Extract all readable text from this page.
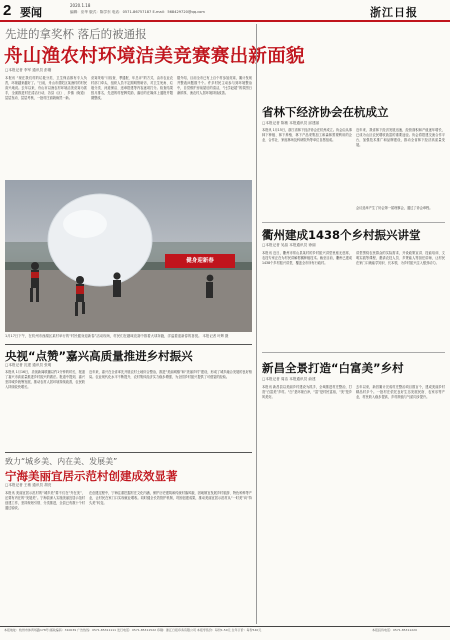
2 要闻
2020.1.18
编辑：应华 版式：陈学东 电话：0571-86757187 E-mail：568429720@qq.com	浙江日报
先进的拿奖杯 落后的被通报
舟山渔农村环境洁美竞赛赛出新面貌
□本报记者 李军 通讯员 彭刚
本报讯 “现在我们村的垃圾分类、卫生保洁都有专人负责，环境越来越好了。”日前，舟山市普陀区某渔村的村民高兴地说。去年以来，舟山市以渔农村环境洁美竞赛为抓手，全面推进村庄清洁行动，各县（区）、乡镇（街道）层层发动、层层考核，一批村庄面貌焕然一新。
竞赛采取“月检查、季通报、年总评”的方式，由市农业农村部门牵头，组织人员不定期明察暗访，对卫生死角、垃圾分类、河道保洁、违章搭建等内容逐项打分。检查结果按月排名，先进的村授牌奖励，落后的在媒体上通报并限期整改。
据介绍，目前全市已有上百个村参加竞赛，累计发现并整改问题数千个。许多村民主动参与到环境整治中，自觉维护房前屋后的清洁，“比学赶超”的氛围日渐浓厚，渔农村人居环境持续改善。
健身迎新春
1月17日下午，在杭州市西湖区某村举行的“村民健身迎新春”活动现场，村民们在趣味竞赛中推着大球奔跑，洋溢着迎新春的喜悦。 本报记者 叶辉 摄
省林下经济协会在杭成立
□本报记者 陈敏 本报通讯员 邱建丽
本报讯 1月15日，浙江省林下经济协会在杭州成立。协会由从事林下种植、林下养殖、林下产品采集加工和森林景观利用的企业、合作社、家庭林场及科研院所等单位自愿组成。
近年来，我省林下经济发展迅速，经营面积和产值逐年增长，已成为山区农民增收致富的重要途径。协会将搭建交流合作平台，加强技术推广和品牌建设，推动全省林下经济高质量发展。
会议选举产生了协会第一届理事会，通过了协会章程。
衢州建成1438个乡村振兴讲堂
□本报记者 吴晶 本报通讯员 徐丽
本报讯 近日，衢州市常山县某村的乡村振兴讲堂里座无虚席，农技专家正在为村民讲解柑橘种植技术。截至目前，衢州已建成1438个乡村振兴讲堂，覆盖全市所有行政村。
讲堂围绕农民群众的实际需求，开设政策宣讲、技能培训、文明实践等课程，邀请农技人员、乡贤能人等担任讲师，让村民在家门口就能学知识、长本领，为乡村振兴注入强劲动力。
新昌全景打造“白富美”乡村
□本报记者 周洁 本报通讯员 俞建
本报讯 新昌县以美丽乡村建设为抓手，全域推进村庄整治，打造“白富美”乡村。“白”是环境白净，“富”是村民富裕，“美”是乡风美好。
去年以来，新昌累计完成村庄整治项目数百个，建成美丽乡村精品村多个。一批村庄依托良好生态发展民宿、农家乐等产业，村民收入稳步提高，乡村颜值与气质同步提升。
央视“点赞”嘉兴高质量推进乡村振兴
□本报记者 沈建 通讯员 张明
本报讯 1月16日，央视新闻联播以约1分钟的时长，报道了嘉兴市高质量推进乡村振兴的做法。报道中提到，嘉兴坚持城乡统筹发展，推动农村人居环境持续改善，农民收入持续较快增长。
近年来，嘉兴在全省率先开展农村土地综合整治，推进“美丽城镇”和“美丽乡村”建设，形成了城乡融合发展的良好格局。农业现代化水平不断提升，农村集体经济实力稳步增强，为全国乡村振兴提供了可借鉴的经验。
致力“城乡美、内在美、发展美”
宁海美丽宜居示范村创建成效显著
□本报记者 王敏 通讯员 胡亮
本报讯 美丽宜居示范村的“城乡美”要不仅在“外在美”，还要有内在的“发展美”。宁海县深入实施美丽宜居示范村创建工作，坚持规划引领、分类推进，全县已有数十个村通过验收。
在创建过程中，宁海注重挖掘村庄文化内涵，保护历史建筑和传统村落风貌，因地制宜发展乡村旅游、特色种养等产业，让村民在家门口实现就业增收。同时健全长效管护机制，巩固创建成果，推动美丽宜居示范村从“一时美”向“持久美”转变。
本报地址：杭州市体育场路178号 邮政编码：310039 广告热线：0571-85311111 发行电话：0571-85311522 印刷：浙江日报印务有限公司 本报零售价：每份1.50元 全年订价：每份540元	本报投诉电话：0571-85311220
